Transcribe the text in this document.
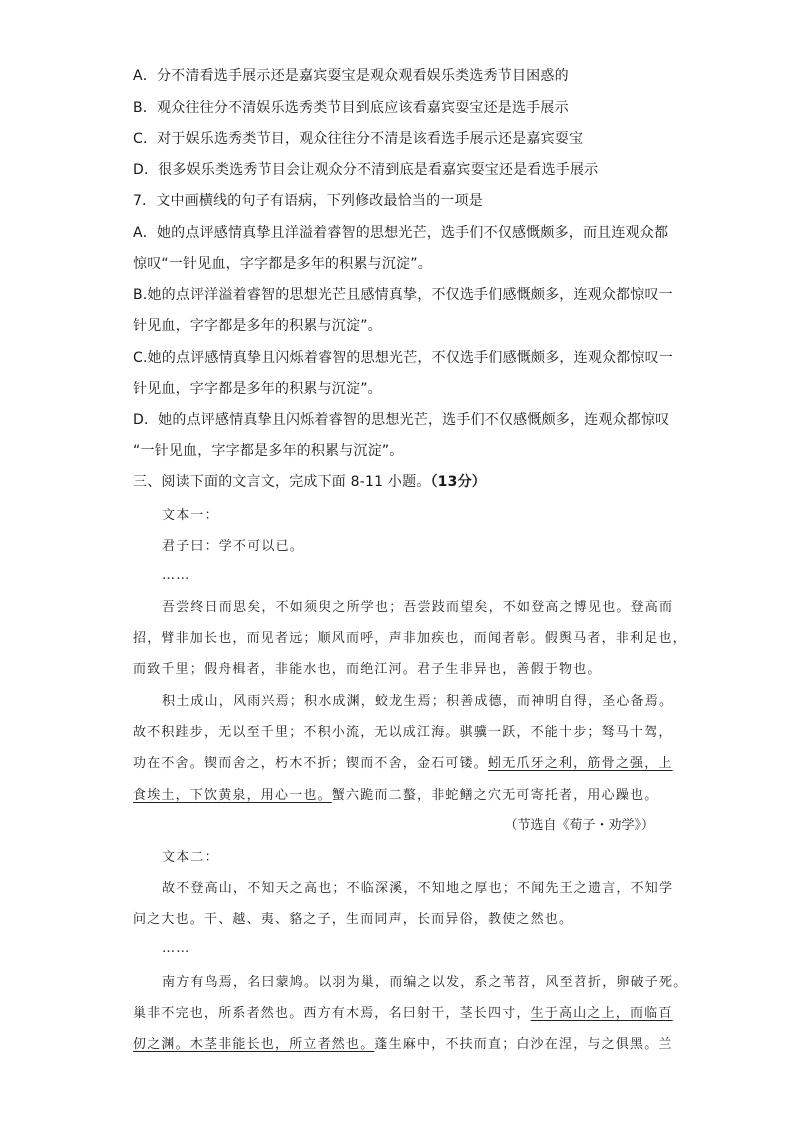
A．分不清看选手展示还是嘉宾耍宝是观众观看娱乐类选秀节目困惑的
B．观众往往分不清娱乐选秀类节目到底应该看嘉宾耍宝还是选手展示
C．对于娱乐选秀类节目，观众往往分不清是该看选手展示还是嘉宾耍宝
D．很多娱乐类选秀节目会让观众分不清到底是看嘉宾耍宝还是看选手展示
7．文中画横线的句子有语病，下列修改最恰当的一项是
A．她的点评感情真挚且洋溢着睿智的思想光芒，选手们不仅感慨颇多，而且连观众都
惊叹“一针见血，字字都是多年的积累与沉淀”。
B.她的点评洋溢着睿智的思想光芒且感情真挚，不仅选手们感慨颇多，连观众都惊叹一
针见血，字字都是多年的积累与沉淀”。
C.她的点评感情真挚且闪烁着睿智的思想光芒，不仅选手们感慨颇多，连观众都惊叹一
针见血，字字都是多年的积累与沉淀”。
D．她的点评感情真挚且闪烁着睿智的思想光芒，选手们不仅感慨颇多，连观众都惊叹
“一针见血，字字都是多年的积累与沉淀”。
三、阅读下面的文言文，完成下面 8-11 小题。（13分）
文本一：
君子曰：学不可以已。
……
吾尝终日而思矣，不如须臾之所学也；吾尝跂而望矣，不如登高之博见也。登高而
招，臂非加长也，而见者远；顺风而呼，声非加疾也，而闻者彰。假舆马者，非利足也，
而致千里；假舟楫者，非能水也，而绝江河。君子生非异也，善假于物也。
积土成山，风雨兴焉；积水成渊，蛟龙生焉；积善成德，而神明自得，圣心备焉。
故不积跬步，无以至千里；不积小流，无以成江海。骐骥一跃，不能十步；驽马十驾，
功在不舍。锲而舍之，朽木不折；锲而不舍，金石可镂。蚓无爪牙之利，筋骨之强，上
食埃土，下饮黄泉，用心一也。蟹六跪而二螯，非蛇鳝之穴无可寄托者，用心躁也。
（节选自《荀子・劝学》）
文本二：
故不登高山，不知天之高也；不临深溪，不知地之厚也；不闻先王之遗言，不知学
问之大也。干、越、夷、貉之子，生而同声，长而异俗，教使之然也。
……
南方有鸟焉，名曰蒙鸠。以羽为巢，而编之以发，系之苇苕，风至苕折，卵破子死。
巢非不完也，所系者然也。西方有木焉，名曰射干，茎长四寸，生于高山之上，而临百
仞之渊。木茎非能长也，所立者然也。蓬生麻中，不扶而直；白沙在涅，与之俱黑。兰
